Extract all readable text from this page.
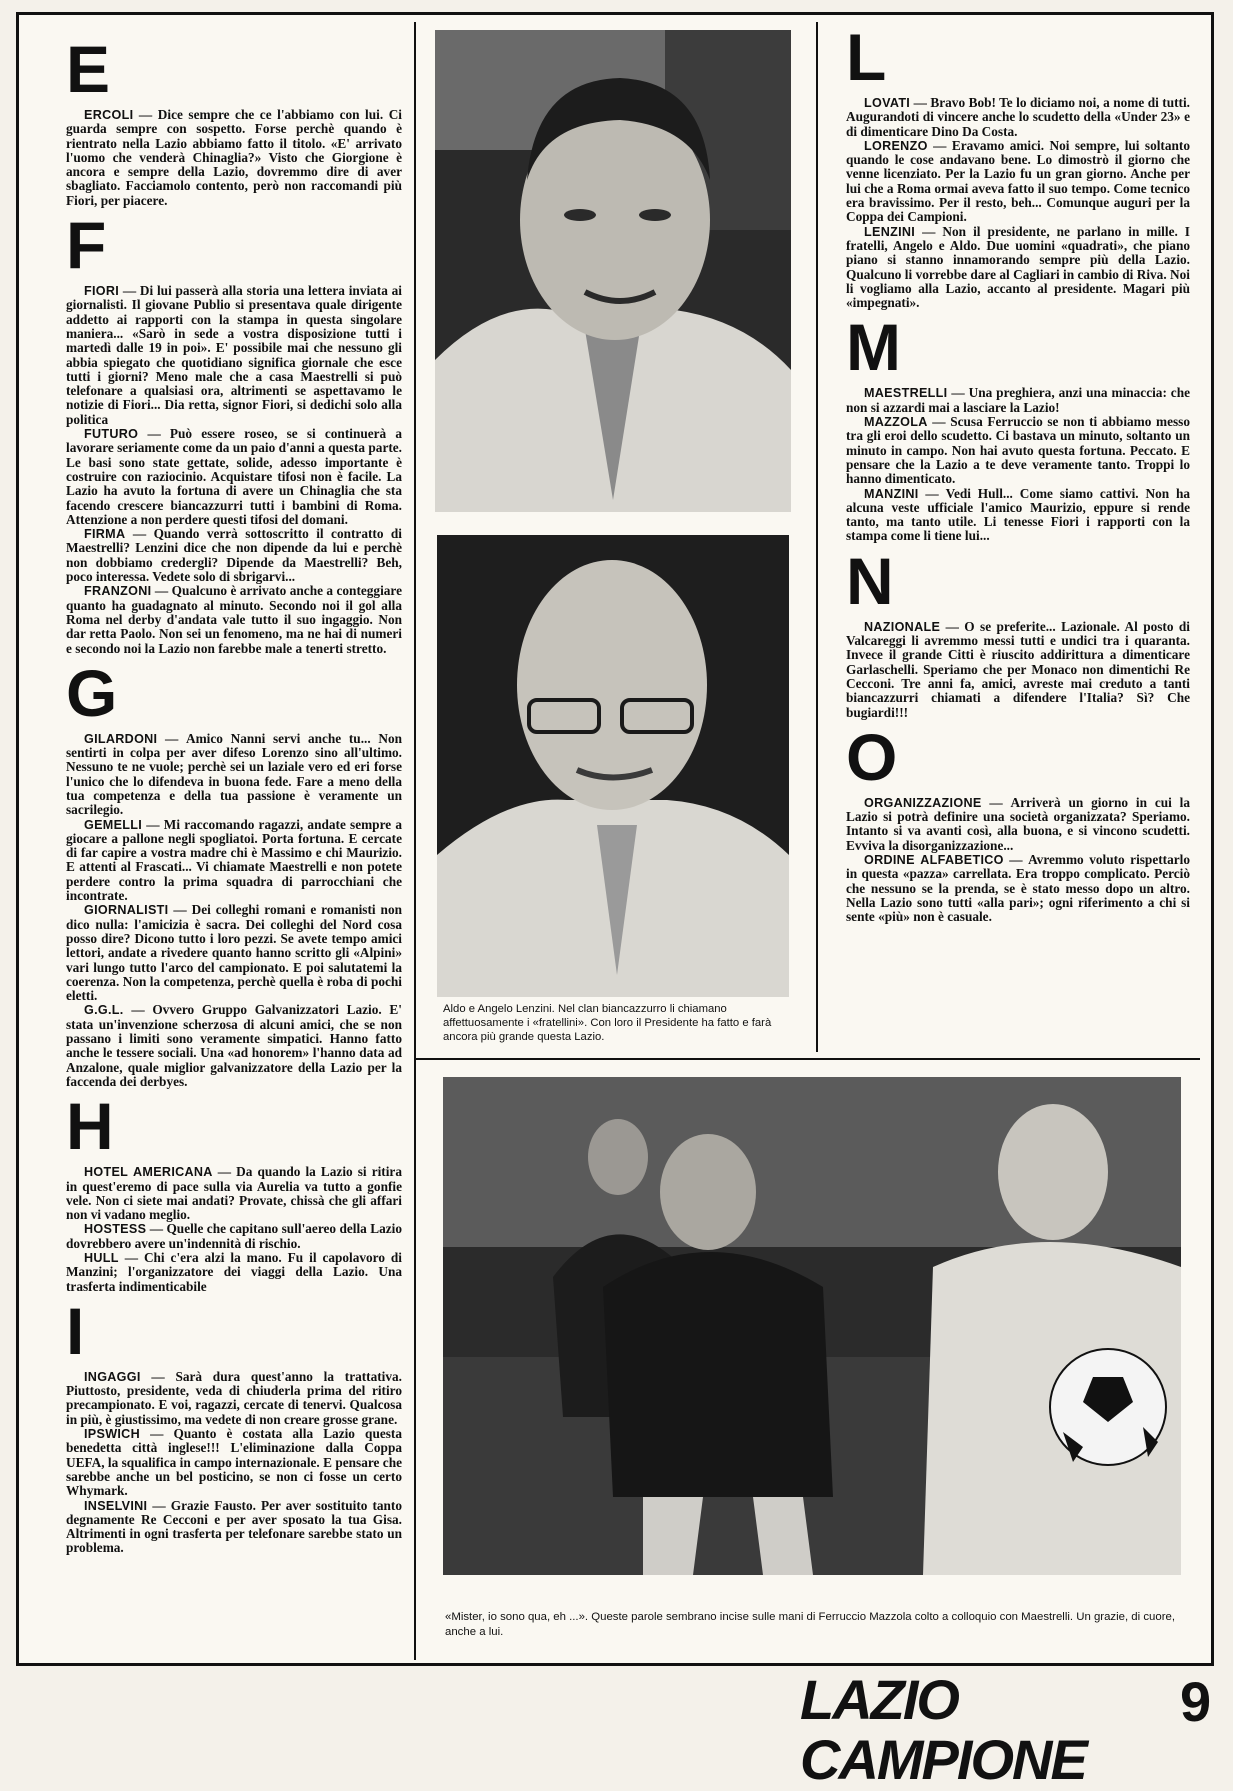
E

ERCOLI — Dice sempre che ce l'abbiamo con lui. Ci guarda sempre con sospetto. Forse perchè quando è rientrato nella Lazio abbiamo fatto il titolo. «E' arrivato l'uomo che venderà Chinaglia?» Visto che Giorgione è ancora e sempre della Lazio, dovremmo dire di aver sbagliato. Facciamolo contento, però non raccomandi più Fiori, per piacere.

F

FIORI — Di lui passerà alla storia una lettera inviata ai giornalisti. Il giovane Publio si presentava quale dirigente addetto ai rapporti con la stampa in questa singolare maniera... «Sarò in sede a vostra disposizione tutti i martedì dalle 19 in poi». E' possibile mai che nessuno gli abbia spiegato che quotidiano significa giornale che esce tutti i giorni? Meno male che a casa Maestrelli si può telefonare a qualsiasi ora, altrimenti se aspettavamo le notizie di Fiori... Dia retta, signor Fiori, si dedichi solo alla politica

FUTURO — Può essere roseo, se si continuerà a lavorare seriamente come da un paio d'anni a questa parte. Le basi sono state gettate, solide, adesso importante è costruire con raziocinio. Acquistare tifosi non è facile. La Lazio ha avuto la fortuna di avere un Chinaglia che sta facendo crescere biancazzurri tutti i bambini di Roma. Attenzione a non perdere questi tifosi del domani.

FIRMA — Quando verrà sottoscritto il contratto di Maestrelli? Lenzini dice che non dipende da lui e perchè non dobbiamo credergli? Dipende da Maestrelli? Beh, poco interessa. Vedete solo di sbrigarvi...

FRANZONI — Qualcuno è arrivato anche a conteggiare quanto ha guadagnato al minuto. Secondo noi il gol alla Roma nel derby d'andata vale tutto il suo ingaggio. Non dar retta Paolo. Non sei un fenomeno, ma ne hai di numeri e secondo noi la Lazio non farebbe male a tenerti stretto.

G

GILARDONI — Amico Nanni servi anche tu... Non sentirti in colpa per aver difeso Lorenzo sino all'ultimo. Nessuno te ne vuole; perchè sei un laziale vero ed eri forse l'unico che lo difendeva in buona fede. Fare a meno della tua competenza e della tua passione è veramente un sacrilegio.

GEMELLI — Mi raccomando ragazzi, andate sempre a giocare a pallone negli spogliatoi. Porta fortuna. E cercate di far capire a vostra madre chi è Massimo e chi Maurizio. E attenti al Frascati... Vi chiamate Maestrelli e non potete perdere contro la prima squadra di parrocchiani che incontrate.

GIORNALISTI — Dei colleghi romani e romanisti non dico nulla: l'amicizia è sacra. Dei colleghi del Nord cosa posso dire? Dicono tutto i loro pezzi. Se avete tempo amici lettori, andate a rivedere quanto hanno scritto gli «Alpini» vari lungo tutto l'arco del campionato. E poi salutatemi la coerenza. Non la competenza, perchè quella è roba di pochi eletti.

G.G.L. — Ovvero Gruppo Galvanizzatori Lazio. E' stata un'invenzione scherzosa di alcuni amici, che se non passano i limiti sono veramente simpatici. Hanno fatto anche le tessere sociali. Una «ad honorem» l'hanno data ad Anzalone, quale miglior galvanizzatore della Lazio per la faccenda dei derbyes.

H

HOTEL AMERICANA — Da quando la Lazio si ritira in quest'eremo di pace sulla via Aurelia va tutto a gonfie vele. Non ci siete mai andati? Provate, chissà che gli affari non vi vadano meglio.

HOSTESS — Quelle che capitano sull'aereo della Lazio dovrebbero avere un'indennità di rischio.

HULL — Chi c'era alzi la mano. Fu il capolavoro di Manzini; l'organizzatore dei viaggi della Lazio. Una trasferta indimenticabile

I

INGAGGI — Sarà dura quest'anno la trattativa. Piuttosto, presidente, veda di chiuderla prima del ritiro precampionato. E voi, ragazzi, cercate di tenervi. Qualcosa in più, è giustissimo, ma vedete di non creare grosse grane.

IPSWICH — Quanto è costata alla Lazio questa benedetta città inglese!!! L'eliminazione dalla Coppa UEFA, la squalifica in campo internazionale. E pensare che sarebbe anche un bel posticino, se non ci fosse un certo Whymark.

INSELVINI — Grazie Fausto. Per aver sostituito tanto degnamente Re Cecconi e per aver sposato la tua Gisa. Altrimenti in ogni trasferta per telefonare sarebbe stato un problema.

Aldo e Angelo Lenzini. Nel clan biancazzurro li chiamano affettuosamente i «fratellini». Con loro il Presidente ha fatto e farà ancora più grande questa Lazio.
L

LOVATI — Bravo Bob! Te lo diciamo noi, a nome di tutti. Augurandoti di vincere anche lo scudetto della «Under 23» e di dimenticare Dino Da Costa.

LORENZO — Eravamo amici. Noi sempre, lui soltanto quando le cose andavano bene. Lo dimostrò il giorno che venne licenziato. Per la Lazio fu un gran giorno. Anche per lui che a Roma ormai aveva fatto il suo tempo. Come tecnico era bravissimo. Per il resto, beh... Comunque auguri per la Coppa dei Campioni.

LENZINI — Non il presidente, ne parlano in mille. I fratelli, Angelo e Aldo. Due uomini «quadrati», che piano piano si stanno innamorando sempre più della Lazio. Qualcuno li vorrebbe dare al Cagliari in cambio di Riva. Noi li vogliamo alla Lazio, accanto al presidente. Magari più «impegnati».

M

MAESTRELLI — Una preghiera, anzi una minaccia: che non si azzardi mai a lasciare la Lazio!

MAZZOLA — Scusa Ferruccio se non ti abbiamo messo tra gli eroi dello scudetto. Ci bastava un minuto, soltanto un minuto in campo. Non hai avuto questa fortuna. Peccato. E pensare che la Lazio a te deve veramente tanto. Troppi lo hanno dimenticato.

MANZINI — Vedi Hull... Come siamo cattivi. Non ha alcuna veste ufficiale l'amico Maurizio, eppure si rende tanto, ma tanto utile. Li tenesse Fiori i rapporti con la stampa come li tiene lui...

N

NAZIONALE — O se preferite... Lazionale. Al posto di Valcareggi li avremmo messi tutti e undici tra i quaranta. Invece il grande Citti è riuscito addirittura a dimenticare Garlaschelli. Speriamo che per Monaco non dimentichi Re Cecconi. Tre anni fa, amici, avreste mai creduto a tanti biancazzurri chiamati a difendere l'Italia? Sì? Che bugiardi!!!

O

ORGANIZZAZIONE — Arriverà un giorno in cui la Lazio si potrà definire una società organizzata? Speriamo. Intanto si va avanti così, alla buona, e si vincono scudetti. Evviva la disorganizzazione...

ORDINE ALFABETICO — Avremmo voluto rispettarlo in questa «pazza» carrellata. Era troppo complicato. Perciò che nessuno se la prenda, se è stato messo dopo un altro. Nella Lazio sono tutti «alla pari»; ogni riferimento a chi si sente «più» non è casuale.

«Mister, io sono qua, eh ...». Queste parole sembrano incise sulle mani di Ferruccio Mazzola colto a colloquio con Maestrelli. Un grazie, di cuore, anche a lui.
LAZIO CAMPIONE
9
